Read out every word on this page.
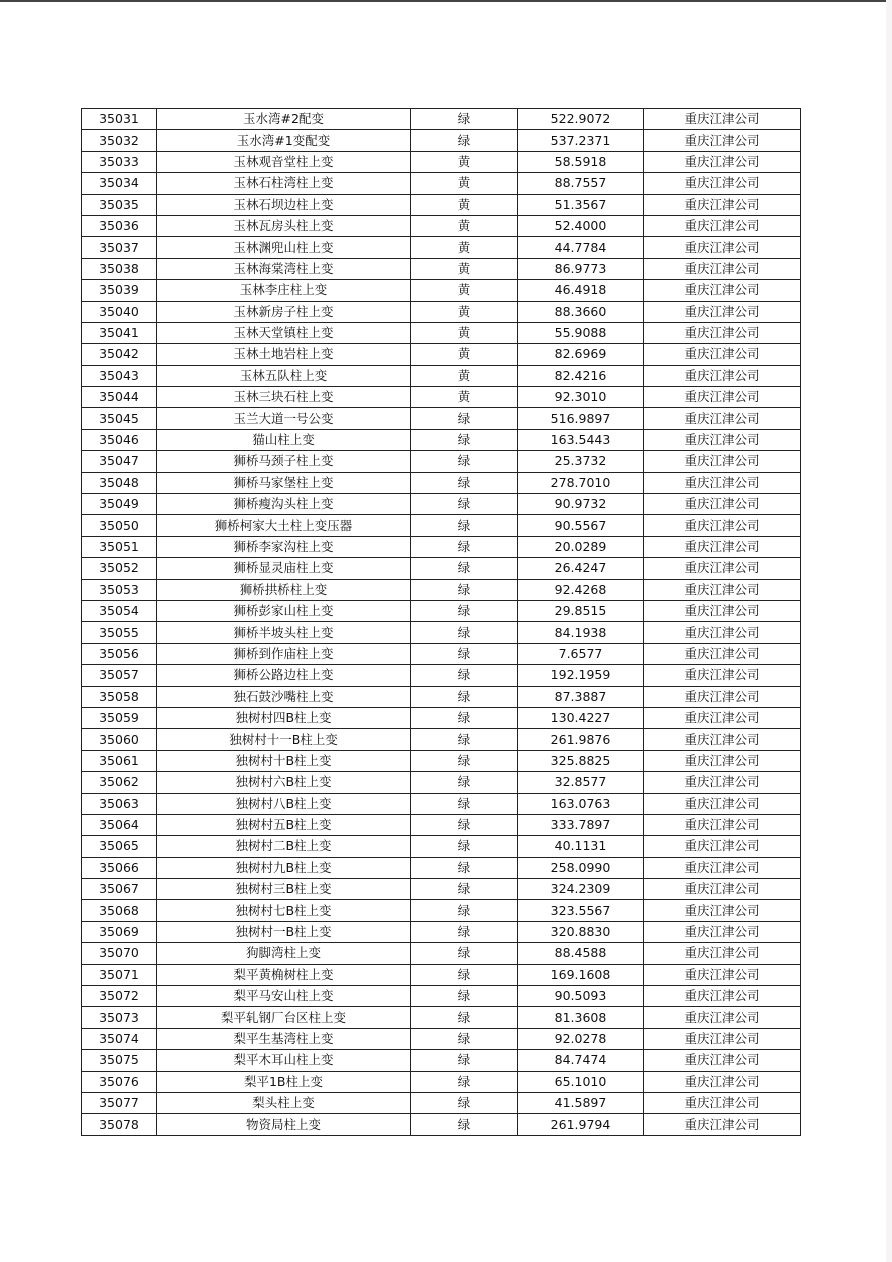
35031	玉水湾#2配变	绿	522.9072	重庆江津公司
35032	玉水湾#1变配变	绿	537.2371	重庆江津公司
35033	玉林观音堂柱上变	黄	58.5918	重庆江津公司
35034	玉林石柱湾柱上变	黄	88.7557	重庆江津公司
35035	玉林石坝边柱上变	黄	51.3567	重庆江津公司
35036	玉林瓦房头柱上变	黄	52.4000	重庆江津公司
35037	玉林渊兜山柱上变	黄	44.7784	重庆江津公司
35038	玉林海棠湾柱上变	黄	86.9773	重庆江津公司
35039	玉林李庄柱上变	黄	46.4918	重庆江津公司
35040	玉林新房子柱上变	黄	88.3660	重庆江津公司
35041	玉林天堂镇柱上变	黄	55.9088	重庆江津公司
35042	玉林土地岩柱上变	黄	82.6969	重庆江津公司
35043	玉林五队柱上变	黄	82.4216	重庆江津公司
35044	玉林三块石柱上变	黄	92.3010	重庆江津公司
35045	玉兰大道一号公变	绿	516.9897	重庆江津公司
35046	猫山柱上变	绿	163.5443	重庆江津公司
35047	狮桥马颈子柱上变	绿	25.3732	重庆江津公司
35048	狮桥马家堡柱上变	绿	278.7010	重庆江津公司
35049	狮桥瘦沟头柱上变	绿	90.9732	重庆江津公司
35050	狮桥柯家大土柱上变压器	绿	90.5567	重庆江津公司
35051	狮桥李家沟柱上变	绿	20.0289	重庆江津公司
35052	狮桥显灵庙柱上变	绿	26.4247	重庆江津公司
35053	狮桥拱桥柱上变	绿	92.4268	重庆江津公司
35054	狮桥彭家山柱上变	绿	29.8515	重庆江津公司
35055	狮桥半坡头柱上变	绿	84.1938	重庆江津公司
35056	狮桥到作庙柱上变	绿	7.6577	重庆江津公司
35057	狮桥公路边柱上变	绿	192.1959	重庆江津公司
35058	独石鼓沙嘴柱上变	绿	87.3887	重庆江津公司
35059	独树村四B柱上变	绿	130.4227	重庆江津公司
35060	独树村十一B柱上变	绿	261.9876	重庆江津公司
35061	独树村十B柱上变	绿	325.8825	重庆江津公司
35062	独树村六B柱上变	绿	32.8577	重庆江津公司
35063	独树村八B柱上变	绿	163.0763	重庆江津公司
35064	独树村五B柱上变	绿	333.7897	重庆江津公司
35065	独树村二B柱上变	绿	40.1131	重庆江津公司
35066	独树村九B柱上变	绿	258.0990	重庆江津公司
35067	独树村三B柱上变	绿	324.2309	重庆江津公司
35068	独树村七B柱上变	绿	323.5567	重庆江津公司
35069	独树村一B柱上变	绿	320.8830	重庆江津公司
35070	狗脚湾柱上变	绿	88.4588	重庆江津公司
35071	梨平黄桷树柱上变	绿	169.1608	重庆江津公司
35072	梨平马安山柱上变	绿	90.5093	重庆江津公司
35073	梨平轧钢厂台区柱上变	绿	81.3608	重庆江津公司
35074	梨平生基湾柱上变	绿	92.0278	重庆江津公司
35075	梨平木耳山柱上变	绿	84.7474	重庆江津公司
35076	梨平1B柱上变	绿	65.1010	重庆江津公司
35077	梨头柱上变	绿	41.5897	重庆江津公司
35078	物资局柱上变	绿	261.9794	重庆江津公司
